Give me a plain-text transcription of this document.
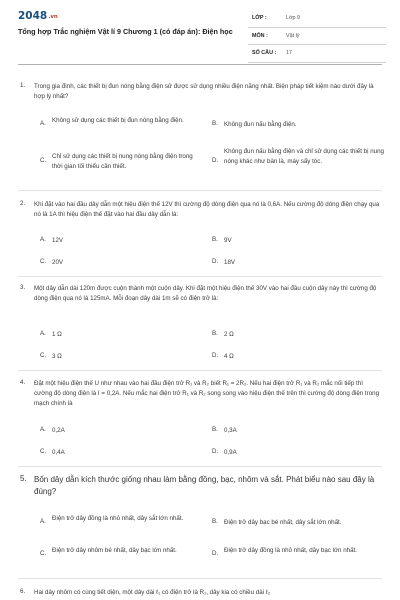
2048.vn
Tổng hợp Trắc nghiệm Vật lí 9 Chương 1 (có đáp án): Điện học
LỚP :	Lớp 9
MÔN :	Vật lý
SỐ CÂU : 17
1. Trong gia đình, các thiết bị đun nóng bằng điện sử được sử dụng nhiều điện năng nhất. Biện pháp tiết kiệm nào dưới đây là hợp lý nhất?
A. Không sử dụng các thiết bị đun nóng bằng điện.	B. Không đun nấu bằng điện.
C.
Chỉ sử dụng các thiết bị nung nóng bằng điện trong thời gian tối thiểu cần thiết.
D.
Không đun nấu bằng điện và chỉ sử dụng các thiết bị nung nóng khác như bàn là, máy sấy tóc.
2. Khi đặt vào hai đầu dây dẫn một hiệu điện thế 12V thì cường độ dòng điện qua nó là 0,6A. Nếu cường độ dòng điện chạy qua nó là 1A thì hiệu điện thế đặt vào hai đầu dây dẫn là:
A. 12V	B. 9V
C. 20V	D. 18V
3. Một dây dẫn dài 120m được cuộn thành một cuộn dây. Khi đặt một hiệu điện thế 30V vào hai đầu cuộn dây này thì cường độ dòng điện qua nó là 125mA. Mỗi đoạn dây dài 1m sẽ có điện trở là:
A. 1 Ω	B. 2 Ω
C. 3 Ω	D. 4 Ω
4. Đặt một hiệu điện thế U như nhau vào hai đầu điện trở R₁ và R₂ biết R₁ = 2R₂. Nếu hai điện trở R₁ và R₂ mắc nối tiếp thì cường độ dòng điện là I = 0,2A. Nếu mắc hai điện trở R₁ và R₂ song song vào hiệu điện thế trên thì cường độ dòng điện trong mạch chính là
A. 0,2A	B. 0,3A
C. 0,4A	D. 0,9A
5. Bốn dây dẫn kích thước giống nhau làm bằng đồng, bạc, nhôm và sắt. Phát biểu nào sau đây là đúng?
A. Điện trở dây đồng là nhỏ nhất, dây sắt lớn nhất.	B. Điện trở dây bạc bé nhất, dây sắt lớn nhất.
C. Điện trở dây nhôm bé nhất, dây bạc lớn nhất.	D. Điện trở dây đồng là nhỏ nhất, dây bạc lớn nhất.
6. Hai dây nhôm có cùng tiết diện, một dây dài ℓ₁ có điện trở là R₁, dây kia có chiều dài ℓ₂
